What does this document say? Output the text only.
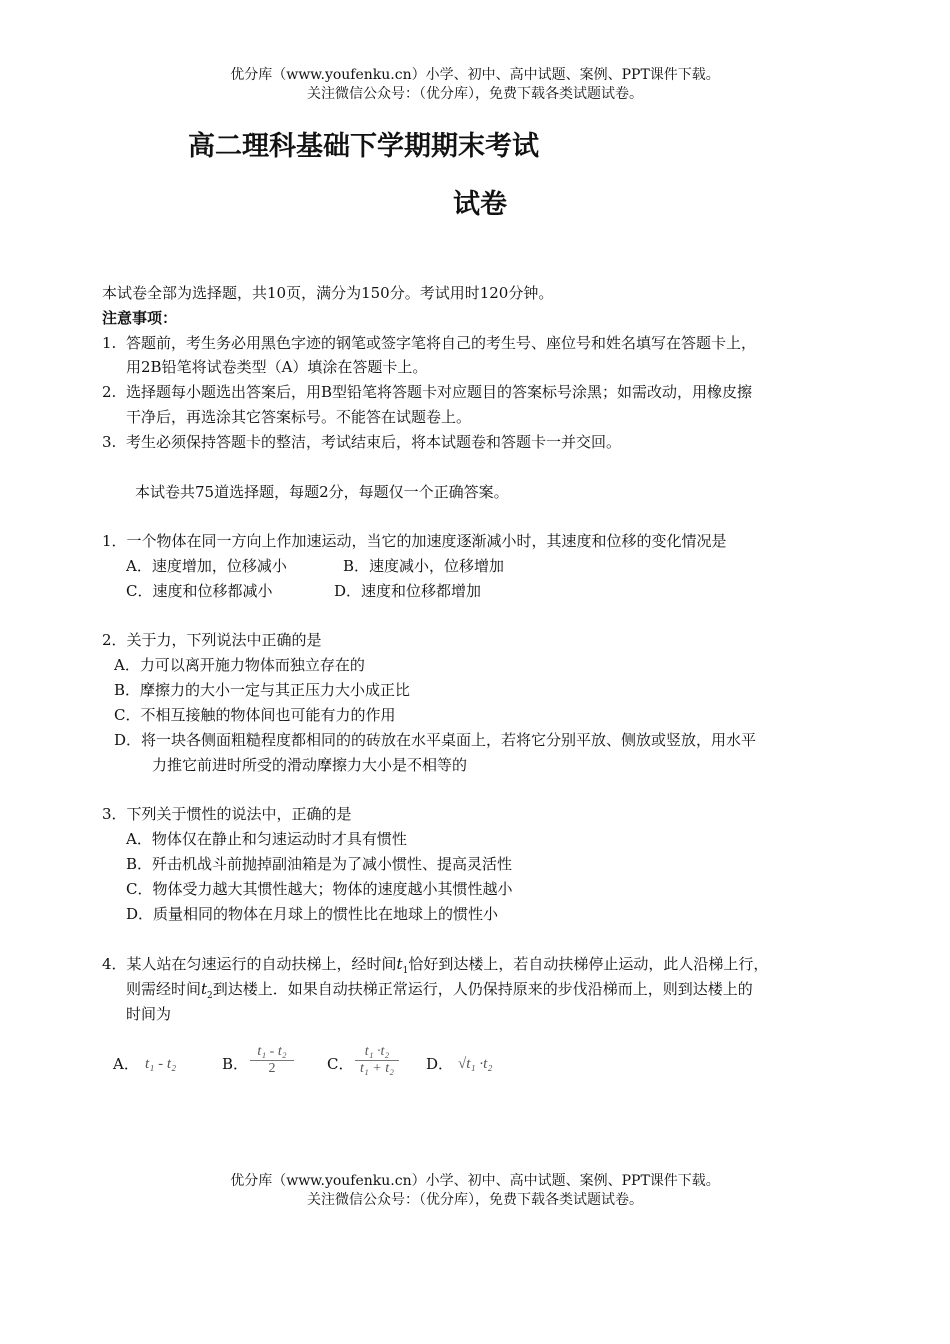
优分库（www.youfenku.cn）小学、初中、高中试题、案例、PPT课件下载。
关注微信公众号：（优分库），免费下载各类试题试卷。
高二理科基础下学期期末考试
试卷
本试卷全部为选择题，共10页，满分为150分。考试用时120分钟。
注意事项：
1. 答题前，考生务必用黑色字迹的钢笔或签字笔将自己的考生号、座位号和姓名填写在答题卡上，
用2B铅笔将试卷类型（A）填涂在答题卡上。
2. 选择题每小题选出答案后，用B型铅笔将答题卡对应题目的答案标号涂黑；如需改动，用橡皮擦
干净后，再选涂其它答案标号。不能答在试题卷上。
3. 考生必须保持答题卡的整洁，考试结束后，将本试题卷和答题卡一并交回。
本试卷共75道选择题，每题2分，每题仅一个正确答案。
1．一个物体在同一方向上作加速运动，当它的加速度逐渐减小时，其速度和位移的变化情况是
A．速度增加，位移减小	B．速度减小，位移增加
C．速度和位移都减小	D．速度和位移都增加
2．关于力，下列说法中正确的是
A．力可以离开施力物体而独立存在的
B．摩擦力的大小一定与其正压力大小成正比
C．不相互接触的物体间也可能有力的作用
D．将一块各侧面粗糙程度都相同的的砖放在水平桌面上，若将它分别平放、侧放或竖放，用水平
力推它前进时所受的滑动摩擦力大小是不相等的
3．下列关于惯性的说法中，正确的是
A．物体仅在静止和匀速运动时才具有惯性
B．歼击机战斗前抛掉副油箱是为了减小惯性、提高灵活性
C．物体受力越大其惯性越大；物体的速度越小其惯性越小
D．质量相同的物体在月球上的惯性比在地球上的惯性小
4．某人站在匀速运行的自动扶梯上，经时间$t_1$恰好到达楼上，若自动扶梯停止运动，此人沿梯上行，
则需经时间$t_2$到达楼上．如果自动扶梯正常运行，人仍保持原来的步伐沿梯而上，则到达楼上的
时间为
A． t₁ - t₂	B．
t₁ - t₂
2	C．
t₁ ·t₂
t₁ + t₂	D． √t₁ ·t₂
优分库（www.youfenku.cn）小学、初中、高中试题、案例、PPT课件下载。
关注微信公众号：（优分库），免费下载各类试题试卷。
